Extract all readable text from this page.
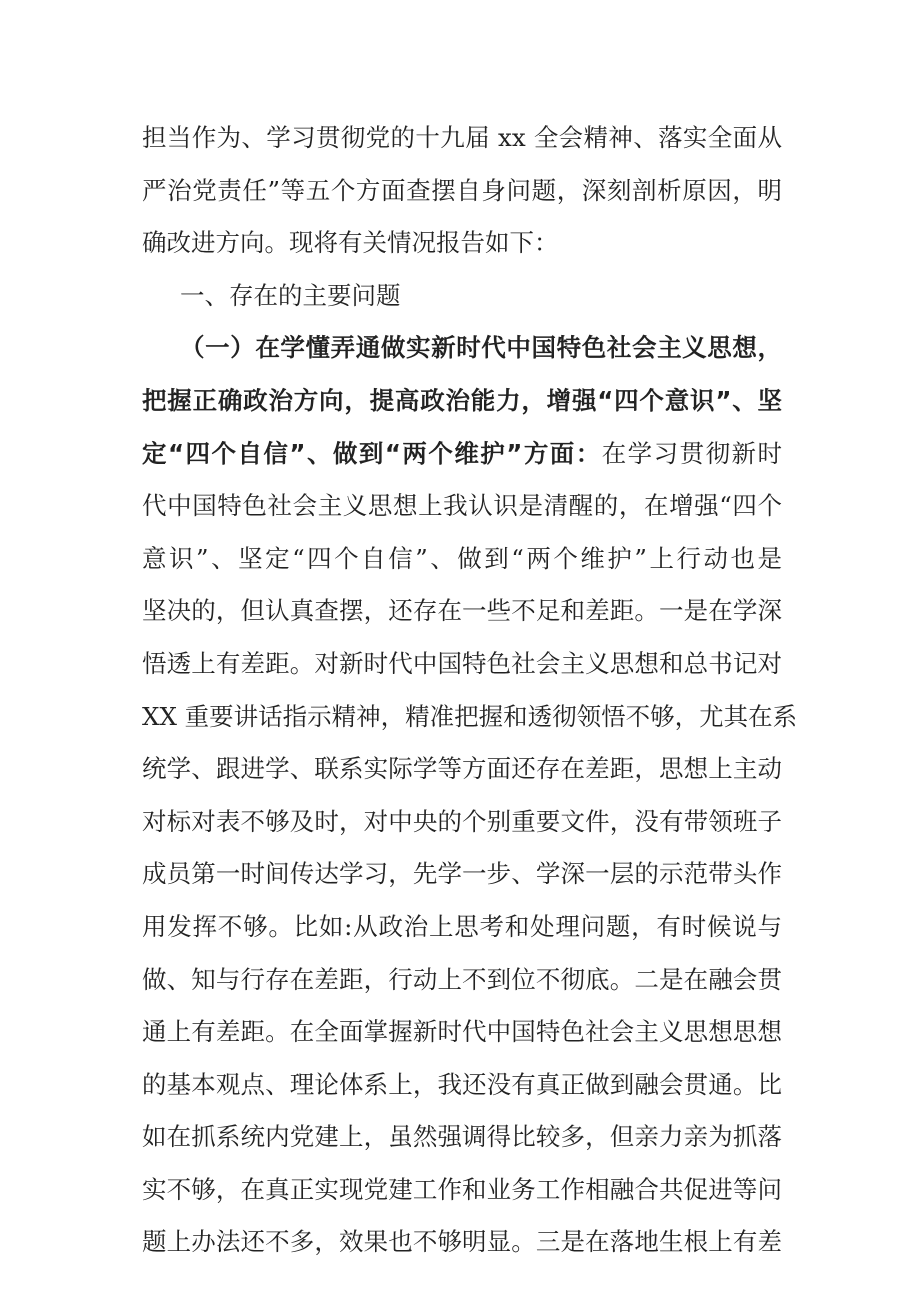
担当作为、学习贯彻党的十九届 xx 全会精神、落实全面从
严治党责任”等五个方面查摆自身问题，深刻剖析原因，明
确改进方向。现将有关情况报告如下：
一、存在的主要问题
（一）在学懂弄通做实新时代中国特色社会主义思想，
把握正确政治方向，提高政治能力，增强“四个意识”、坚
定“四个自信”、做到“两个维护”方面：在学习贯彻新时
代中国特色社会主义思想上我认识是清醒的，在增强“四个
意识”、坚定“四个自信”、做到“两个维护”上行动也是
坚决的，但认真查摆，还存在一些不足和差距。一是在学深
悟透上有差距。对新时代中国特色社会主义思想和总书记对
XX 重要讲话指示精神，精准把握和透彻领悟不够，尤其在系
统学、跟进学、联系实际学等方面还存在差距，思想上主动
对标对表不够及时，对中央的个别重要文件，没有带领班子
成员第一时间传达学习，先学一步、学深一层的示范带头作
用发挥不够。比如:从政治上思考和处理问题，有时候说与
做、知与行存在差距，行动上不到位不彻底。二是在融会贯
通上有差距。在全面掌握新时代中国特色社会主义思想思想
的基本观点、理论体系上，我还没有真正做到融会贯通。比
如在抓系统内党建上，虽然强调得比较多，但亲力亲为抓落
实不够，在真正实现党建工作和业务工作相融合共促进等问
题上办法还不多，效果也不够明显。三是在落地生根上有差
